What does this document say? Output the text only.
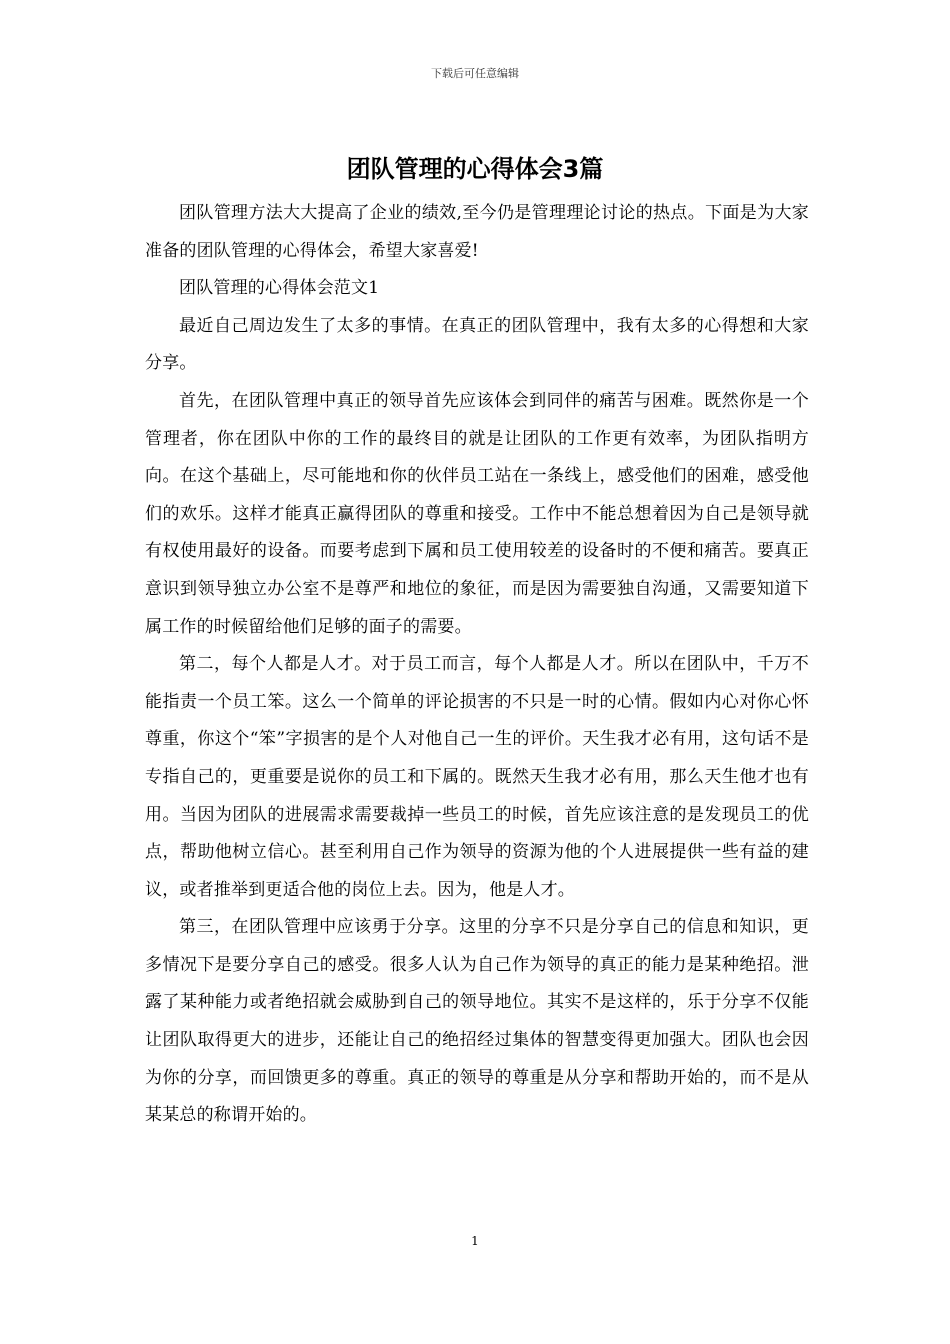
下载后可任意编辑
团队管理的心得体会3篇

团队管理方法大大提高了企业的绩效,至今仍是管理理论讨论的热点。下面是为大家准备的团队管理的心得体会，希望大家喜爱!

团队管理的心得体会范文1

最近自己周边发生了太多的事情。在真正的团队管理中，我有太多的心得想和大家分享。

首先，在团队管理中真正的领导首先应该体会到同伴的痛苦与困难。既然你是一个管理者，你在团队中你的工作的最终目的就是让团队的工作更有效率，为团队指明方向。在这个基础上，尽可能地和你的伙伴员工站在一条线上，感受他们的困难，感受他们的欢乐。这样才能真正赢得团队的尊重和接受。工作中不能总想着因为自己是领导就有权使用最好的设备。而要考虑到下属和员工使用较差的设备时的不便和痛苦。要真正意识到领导独立办公室不是尊严和地位的象征，而是因为需要独自沟通，又需要知道下属工作的时候留给他们足够的面子的需要。

第二，每个人都是人才。对于员工而言，每个人都是人才。所以在团队中，千万不能指责一个员工笨。这么一个简单的评论损害的不只是一时的心情。假如内心对你心怀尊重，你这个“笨”字损害的是个人对他自己一生的评价。天生我才必有用，这句话不是专指自己的，更重要是说你的员工和下属的。既然天生我才必有用，那么天生他才也有用。当因为团队的进展需求需要裁掉一些员工的时候，首先应该注意的是发现员工的优点，帮助他树立信心。甚至利用自己作为领导的资源为他的个人进展提供一些有益的建议，或者推举到更适合他的岗位上去。因为，他是人才。

第三，在团队管理中应该勇于分享。这里的分享不只是分享自己的信息和知识，更多情况下是要分享自己的感受。很多人认为自己作为领导的真正的能力是某种绝招。泄露了某种能力或者绝招就会威胁到自己的领导地位。其实不是这样的，乐于分享不仅能让团队取得更大的进步，还能让自己的绝招经过集体的智慧变得更加强大。团队也会因为你的分享，而回馈更多的尊重。真正的领导的尊重是从分享和帮助开始的，而不是从某某总的称谓开始的。

1
